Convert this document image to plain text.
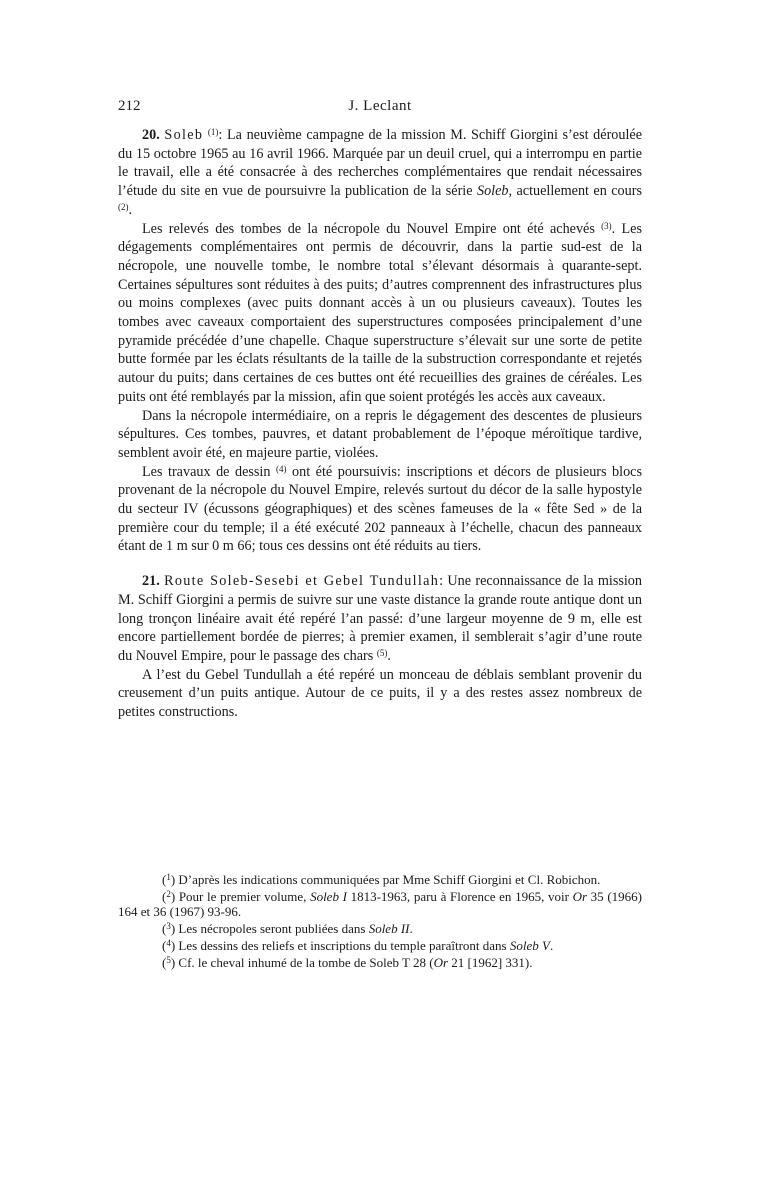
212	J. Leclant

20. Soleb $^{(1)}$: La neuvième campagne de la mission M. Schiff Giorgini s’est déroulée du 15 octobre 1965 au 16 avril 1966. Marquée par un deuil cruel, qui a interrompu en partie le travail, elle a été consacrée à des recherches complémentaires que rendait nécessaires l’étude du site en vue de poursuivre la publication de la série Soleb, actuellement en cours $^{(2)}$.

Les relevés des tombes de la nécropole du Nouvel Empire ont été achevés $^{(3)}$. Les dégagements complémentaires ont permis de découvrir, dans la partie sud-est de la nécropole, une nouvelle tombe, le nombre total s’élevant désormais à quarante-sept. Certaines sépultures sont réduites à des puits; d’autres comprennent des infrastructures plus ou moins complexes (avec puits donnant accès à un ou plusieurs caveaux). Toutes les tombes avec caveaux comportaient des superstructures composées principalement d’une pyramide précédée d’une chapelle. Chaque superstructure s’élevait sur une sorte de petite butte formée par les éclats résultants de la taille de la substruction correspondante et rejetés autour du puits; dans certaines de ces buttes ont été recueillies des graines de céréales. Les puits ont été remblayés par la mission, afin que soient protégés les accès aux caveaux.

Dans la nécropole intermédiaire, on a repris le dégagement des descentes de plusieurs sépultures. Ces tombes, pauvres, et datant probablement de l’époque méroïtique tardive, semblent avoir été, en majeure partie, violées.

Les travaux de dessin $^{(4)}$ ont été poursuivis: inscriptions et décors de plusieurs blocs provenant de la nécropole du Nouvel Empire, relevés surtout du décor de la salle hypostyle du secteur IV (écussons géographiques) et des scènes fameuses de la « fête Sed » de la première cour du temple; il a été exécuté 202 panneaux à l’échelle, chacun des panneaux étant de 1 m sur 0 m 66; tous ces dessins ont été réduits au tiers.

21. Route Soleb-Sesebi et Gebel Tundullah: Une reconnaissance de la mission M. Schiff Giorgini a permis de suivre sur une vaste distance la grande route antique dont un long tronçon linéaire avait été repéré l’an passé: d’une largeur moyenne de 9 m, elle est encore partiellement bordée de pierres; à premier examen, il semblerait s’agir d’une route du Nouvel Empire, pour le passage des chars $^{(5)}$.

A l’est du Gebel Tundullah a été repéré un monceau de déblais semblant provenir du creusement d’un puits antique. Autour de ce puits, il y a des restes assez nombreux de petites constructions.

($^1$) D’après les indications communiquées par Mme Schiff Giorgini et Cl. Robichon.

($^2$) Pour le premier volume, Soleb I 1813-1963, paru à Florence en 1965, voir Or 35 (1966) 164 et 36 (1967) 93-96.

($^3$) Les nécropoles seront publiées dans Soleb II.

($^4$) Les dessins des reliefs et inscriptions du temple paraîtront dans Soleb V.

($^5$) Cf. le cheval inhumé de la tombe de Soleb T 28 (Or 21 [1962] 331).
